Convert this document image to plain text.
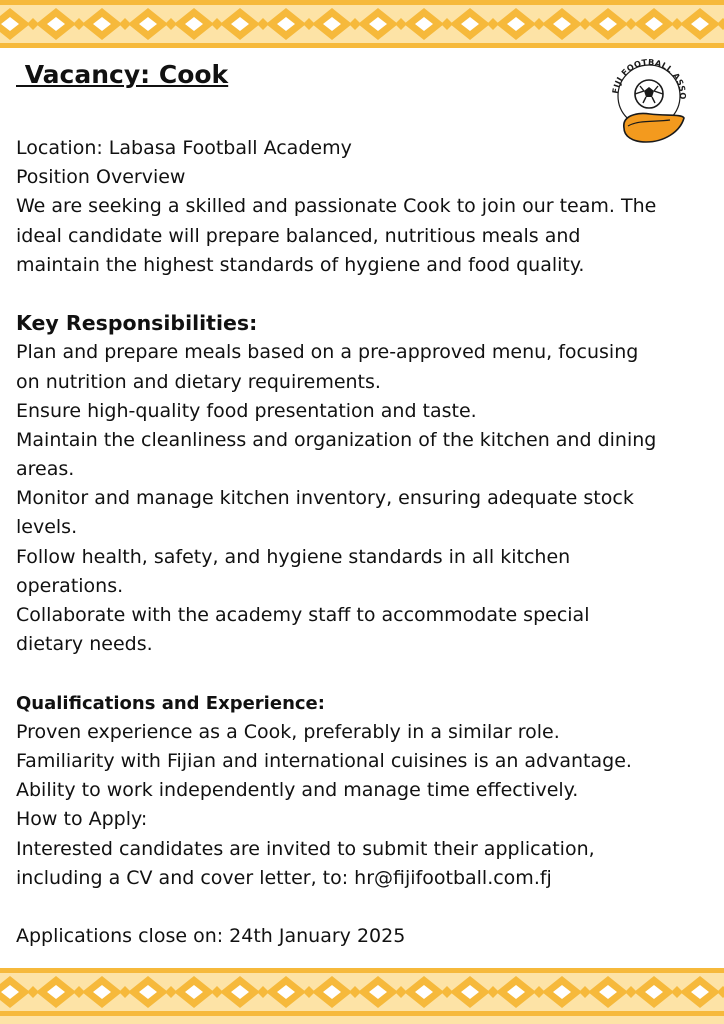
FIJI FOOTBALL ASSO
Vacancy: Cook
Location: Labasa Football Academy
Position Overview
We are seeking a skilled and passionate Cook to join our team. The
ideal candidate will prepare balanced, nutritious meals and
maintain the highest standards of hygiene and food quality.
Key Responsibilities:
Plan and prepare meals based on a pre-approved menu, focusing
on nutrition and dietary requirements.
Ensure high-quality food presentation and taste.
Maintain the cleanliness and organization of the kitchen and dining
areas.
Monitor and manage kitchen inventory, ensuring adequate stock
levels.
Follow health, safety, and hygiene standards in all kitchen
operations.
Collaborate with the academy staff to accommodate special
dietary needs.
Qualifications and Experience:
Proven experience as a Cook, preferably in a similar role.
Familiarity with Fijian and international cuisines is an advantage.
Ability to work independently and manage time effectively.
How to Apply:
Interested candidates are invited to submit their application,
including a CV and cover letter, to: hr@fijifootball.com.fj
Applications close on: 24th January 2025
